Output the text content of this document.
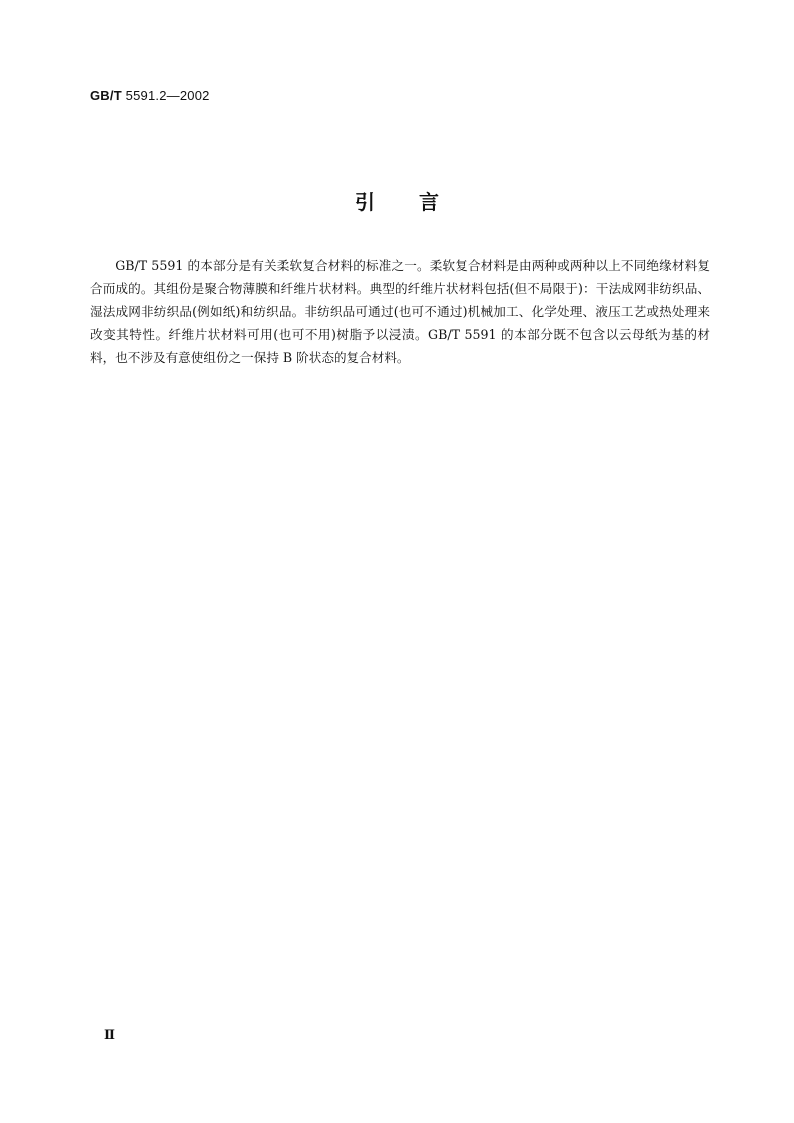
GB/T 5591.2—2002
引言

GB/T 5591 的本部分是有关柔软复合材料的标准之一。柔软复合材料是由两种或两种以上不同绝缘材料复合而成的。其组份是聚合物薄膜和纤维片状材料。典型的纤维片状材料包括(但不局限于)：干法成网非纺织品、湿法成网非纺织品(例如纸)和纺织品。非纺织品可通过(也可不通过)机械加工、化学处理、液压工艺或热处理来改变其特性。纤维片状材料可用(也可不用)树脂予以浸渍。GB/T 5591 的本部分既不包含以云母纸为基的材料，也不涉及有意使组份之一保持 B 阶状态的复合材料。

Ⅱ
